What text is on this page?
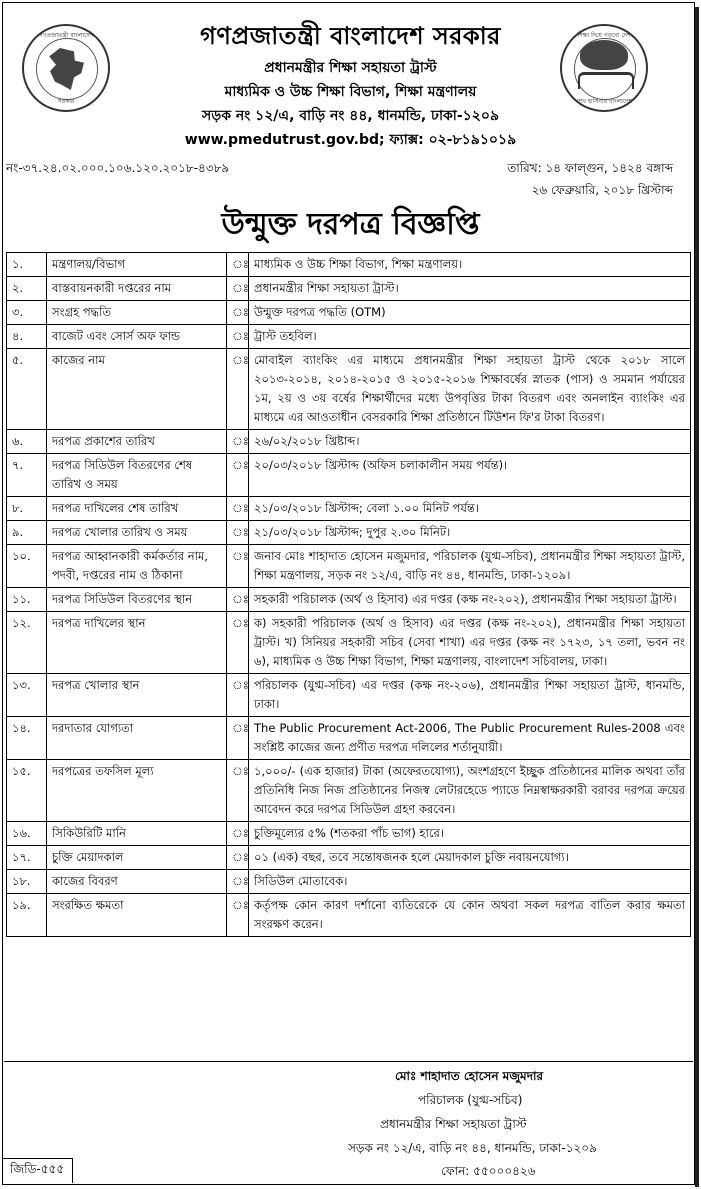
গণপ্রজাতন্ত্রী বাংলাদেশ
সরকার
শিক্ষা দিয়ে গড়বো দেশ
শেখ হাসিনার বাংলাদেশ
গণপ্রজাতন্ত্রী বাংলাদেশ সরকার
প্রধানমন্ত্রীর শিক্ষা সহায়তা ট্রাস্ট
মাধ্যমিক ও উচ্চ শিক্ষা বিভাগ, শিক্ষা মন্ত্রণালয়
সড়ক নং ১২/এ, বাড়ি নং ৪৪, ধানমন্ডি, ঢাকা-১২০৯
www.pmedutrust.gov.bd; ফ্যাক্স: ০২-৮১৯১০১৯
নং-৩৭.২৪.০২.০০০.১০৬.১২০.২০১৮-৪৩৮৯	তারিখ: ১৪ ফাল্গুন, ১৪২৪ বঙ্গাব্দ
২৬ ফেব্রুয়ারি, ২০১৮ খ্রিস্টাব্দ
উন্মুক্ত দরপত্র বিজ্ঞপ্তি
১.	মন্ত্রণালয়/বিভাগ	ঃ	মাধ্যমিক ও উচ্চ শিক্ষা বিভাগ, শিক্ষা মন্ত্রণালয়।
২.	বাস্তবায়নকারী দপ্তরের নাম	ঃ	প্রধানমন্ত্রীর শিক্ষা সহায়তা ট্রাস্ট।
৩.	সংগ্রহ পদ্ধতি	ঃ	উন্মুক্ত দরপত্র পদ্ধতি (OTM)
৪.	বাজেট এবং সোর্স অফ ফান্ড	ঃ	ট্রাস্ট তহবিল।
৫.	কাজের নাম	ঃ	মোবাইল ব্যাংকিং এর মাধ্যমে প্রধানমন্ত্রীর শিক্ষা সহায়তা ট্রাস্ট থেকে ২০১৮ সালে ২০১৩-২০১৪, ২০১৪-২০১৫ ও ২০১৫-২০১৬ শিক্ষাবর্ষের স্নাতক (পাস) ও সমমান পর্যায়ের ১ম, ২য় ও ৩য় বর্ষের শিক্ষার্থীদের মধ্যে উপবৃত্তির টাকা বিতরণ এবং অনলাইন ব্যাংকিং এর মাধ্যমে এর আওতাধীন বেসরকারি শিক্ষা প্রতিষ্ঠানে টিউশন ফি'র টাকা বিতরণ।
৬.	দরপত্র প্রকাশের তারিখ	ঃ	২৬/০২/২০১৮ খ্রিষ্টাব্দ।
৭.	দরপত্র সিডিউল বিতরণের শেষ তারিখ ও সময়	ঃ	২০/০৩/২০১৮ খ্রিস্টাব্দ (অফিস চলাকালীন সময় পর্যন্ত)।
৮.	দরপত্র দাখিলের শেষ তারিখ	ঃ	২১/০৩/২০১৮ খ্রিস্টাব্দ; বেলা ১.০০ মিনিট পর্যন্ত।
৯.	দরপত্র খোলার তারিখ ও সময়	ঃ	২১/০৩/২০১৮ খ্রিস্টাব্দ; দুপুর ২.৩০ মিনিট।
১০.	দরপত্র আহ্বানকারী কর্মকর্তার নাম, পদবী, দপ্তরের নাম ও ঠিকানা	ঃ	জনাব মোঃ শাহাদাত হোসেন মজুমদার, পরিচালক (যুগ্ম-সচিব), প্রধানমন্ত্রীর শিক্ষা সহায়তা ট্রাস্ট, শিক্ষা মন্ত্রণালয়, সড়ক নং ১২/এ, বাড়ি নং ৪৪, ধানমন্ডি, ঢাকা-১২০৯।
১১.	দরপত্র সিডিউল বিতরণের স্থান	ঃ	সহকারী পরিচালক (অর্থ ও হিসাব) এর দপ্তর (কক্ষ নং-২০২), প্রধানমন্ত্রীর শিক্ষা সহায়তা ট্রাস্ট।
১২.	দরপত্র দাখিলের স্থান	ঃ	ক) সহকারী পরিচালক (অর্থ ও হিসাব) এর দপ্তর (কক্ষ নং-২০২), প্রধানমন্ত্রীর শিক্ষা সহায়তা ট্রাস্ট। খ) সিনিয়র সহকারী সচিব (সেবা শাখা) এর দপ্তর (কক্ষ নং ১৭২৩, ১৭ তলা, ভবন নং ৬), মাধ্যমিক ও উচ্চ শিক্ষা বিভাগ, শিক্ষা মন্ত্রণালয়, বাংলাদেশ সচিবালয়, ঢাকা।
১৩.	দরপত্র খোলার স্থান	ঃ	পরিচালক (যুগ্ম-সচিব) এর দপ্তর (কক্ষ নং-২০৬), প্রধানমন্ত্রীর শিক্ষা সহায়তা ট্রাস্ট, ধানমন্ডি, ঢাকা।
১৪.	দরদাতার যোগ্যতা	ঃ	The Public Procurement Act-2006, The Public Procurement Rules-2008 এবং সংশ্লিষ্ট কাজের জন্য প্রণীত দরপত্র দলিলের শর্তানুযায়ী।
১৫.	দরপত্রের তফসিল মূল্য	ঃ	১,০০০/- (এক হাজার) টাকা (অফেরতযোগ্য), অংশগ্রহণে ইচ্ছুক প্রতিষ্ঠানের মালিক অথবা তাঁর প্রতিনিধি নিজ নিজ প্রতিষ্ঠানের নিজস্ব লেটারহেডে প্যাডে নিম্নস্বাক্ষরকারী বরাবর দরপত্র ক্রয়ের আবেদন করে দরপত্র সিডিউল গ্রহণ করবেন।
১৬.	সিকিউরিটি মানি	ঃ	চুক্তিমূল্যের ৫% (শতকরা পাঁচ ভাগ) হারে।
১৭.	চুক্তি মেয়াদকাল	ঃ	০১ (এক) বছর, তবে সন্তোষজনক হলে মেয়াদকাল চুক্তি নবায়নযোগ্য।
১৮.	কাজের বিবরণ	ঃ	সিডিউল মোতাবেক।
১৯.	সংরক্ষিত ক্ষমতা	ঃ	কর্তৃপক্ষ কোন কারণ দর্শানো ব্যতিরেকে যে কোন অথবা সকল দরপত্র বাতিল করার ক্ষমতা সংরক্ষণ করেন।
মোঃ শাহাদাত হোসেন মজুমদার
পরিচালক (যুগ্ম-সচিব)
প্রধানমন্ত্রীর শিক্ষা সহায়তা ট্রাস্ট
সড়ক নং ১২/এ, বাড়ি নং ৪৪, ধানমন্ডি, ঢাকা-১২০৯
ফোন: ৫৫০০০৪২৬
জিডি-৫৫৫
